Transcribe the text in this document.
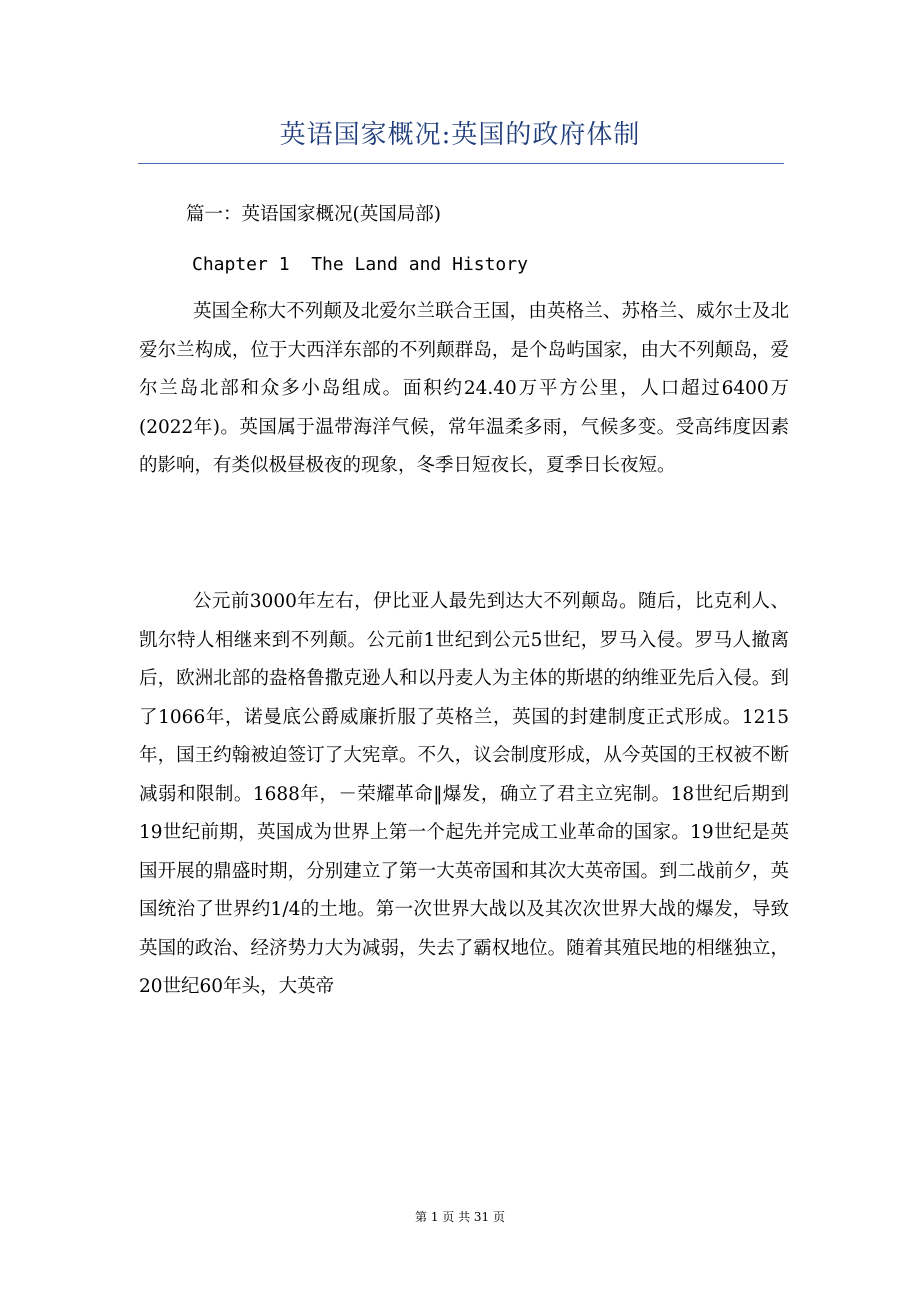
英语国家概况:英国的政府体制

篇一：英语国家概况(英国局部)

Chapter 1  The Land and History

英国全称大不列颠及北爱尔兰联合王国，由英格兰、苏格兰、威尔士及北爱尔兰构成，位于大西洋东部的不列颠群岛，是个岛屿国家，由大不列颠岛，爱尔兰岛北部和众多小岛组成。面积约24.40万平方公里，人口超过6400万(2022年)。英国属于温带海洋气候，常年温柔多雨，气候多变。受高纬度因素的影响，有类似极昼极夜的现象，冬季日短夜长，夏季日长夜短。

公元前3000年左右，伊比亚人最先到达大不列颠岛。随后，比克利人、凯尔特人相继来到不列颠。公元前1世纪到公元5世纪，罗马入侵。罗马人撤离后，欧洲北部的盎格鲁撒克逊人和以丹麦人为主体的斯堪的纳维亚先后入侵。到了1066年，诺曼底公爵威廉折服了英格兰，英国的封建制度正式形成。1215年，国王约翰被迫签订了大宪章。不久，议会制度形成，从今英国的王权被不断减弱和限制。1688年，－荣耀革命‖爆发，确立了君主立宪制。18世纪后期到19世纪前期，英国成为世界上第一个起先并完成工业革命的国家。19世纪是英国开展的鼎盛时期，分别建立了第一大英帝国和其次大英帝国。到二战前夕，英国统治了世界约1/4的土地。第一次世界大战以及其次次世界大战的爆发，导致英国的政治、经济势力大为减弱，失去了霸权地位。随着其殖民地的相继独立，20世纪60年头，大英帝

第 1 页 共 31 页
